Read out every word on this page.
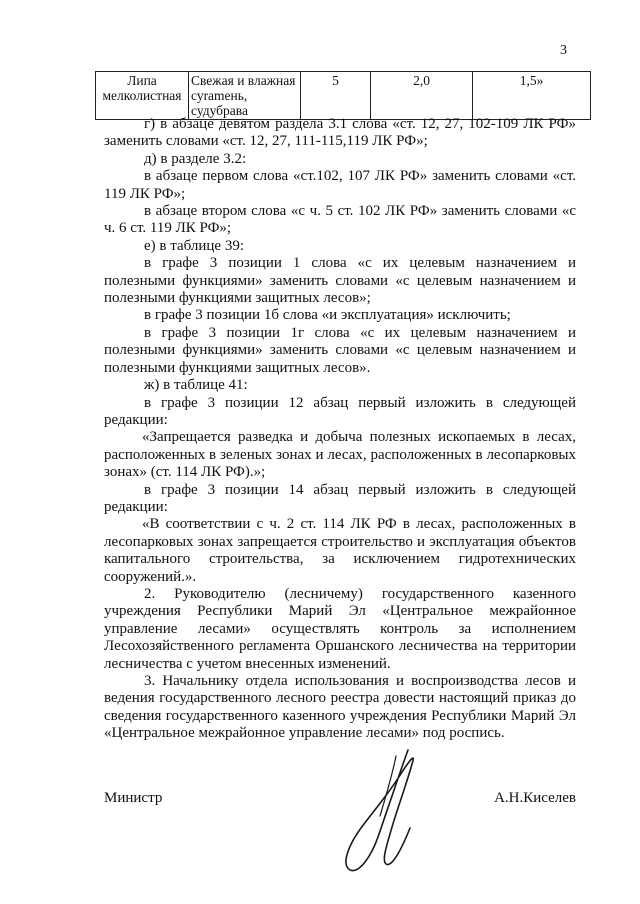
3
Липа мелколистная	Свежая и влажная суramень, судубрава	5	2,0	1,5»

г) в абзаце девятом раздела 3.1 слова «ст. 12, 27, 102-109 ЛК РФ» заменить словами «ст. 12, 27, 111-115,119 ЛК РФ»;

д) в разделе 3.2:

в абзаце первом слова «ст.102, 107 ЛК РФ» заменить словами «ст. 119 ЛК РФ»;

в абзаце втором слова «с ч. 5 ст. 102 ЛК РФ» заменить словами «с ч. 6 ст. 119 ЛК РФ»;

е) в таблице 39:

в графе 3 позиции 1 слова «с их целевым назначением и полезными функциями» заменить словами «с целевым назначением и полезными функциями защитных лесов»;

в графе 3 позиции 1б слова «и эксплуатация» исключить;

в графе 3 позиции 1г слова «с их целевым назначением и полезными функциями» заменить словами «с целевым назначением и полезными функциями защитных лесов».

ж) в таблице 41:

в графе 3 позиции 12 абзац первый изложить в следующей редакции:

«Запрещается разведка и добыча полезных ископаемых в лесах, расположенных в зеленых зонах и лесах, расположенных в лесопарковых зонах» (ст. 114 ЛК РФ).»;

в графе 3 позиции 14 абзац первый изложить в следующей редакции:

«В соответствии с ч. 2 ст. 114 ЛК РФ в лесах, расположенных в лесопарковых зонах запрещается строительство и эксплуатация объектов капитального строительства, за исключением гидротехнических сооружений.».

2. Руководителю (лесничему) государственного казенного учреждения Республики Марий Эл «Центральное межрайонное управление лесами» осуществлять контроль за исполнением Лесохозяйственного регламента Оршанского лесничества на территории лесничества с учетом внесенных изменений.

3. Начальнику отдела использования и воспроизводства лесов и ведения государственного лесного реестра довести настоящий приказ до сведения государственного казенного учреждения Республики Марий Эл «Центральное межрайонное управление лесами» под роспись.

Министр	А.Н.Киселев
